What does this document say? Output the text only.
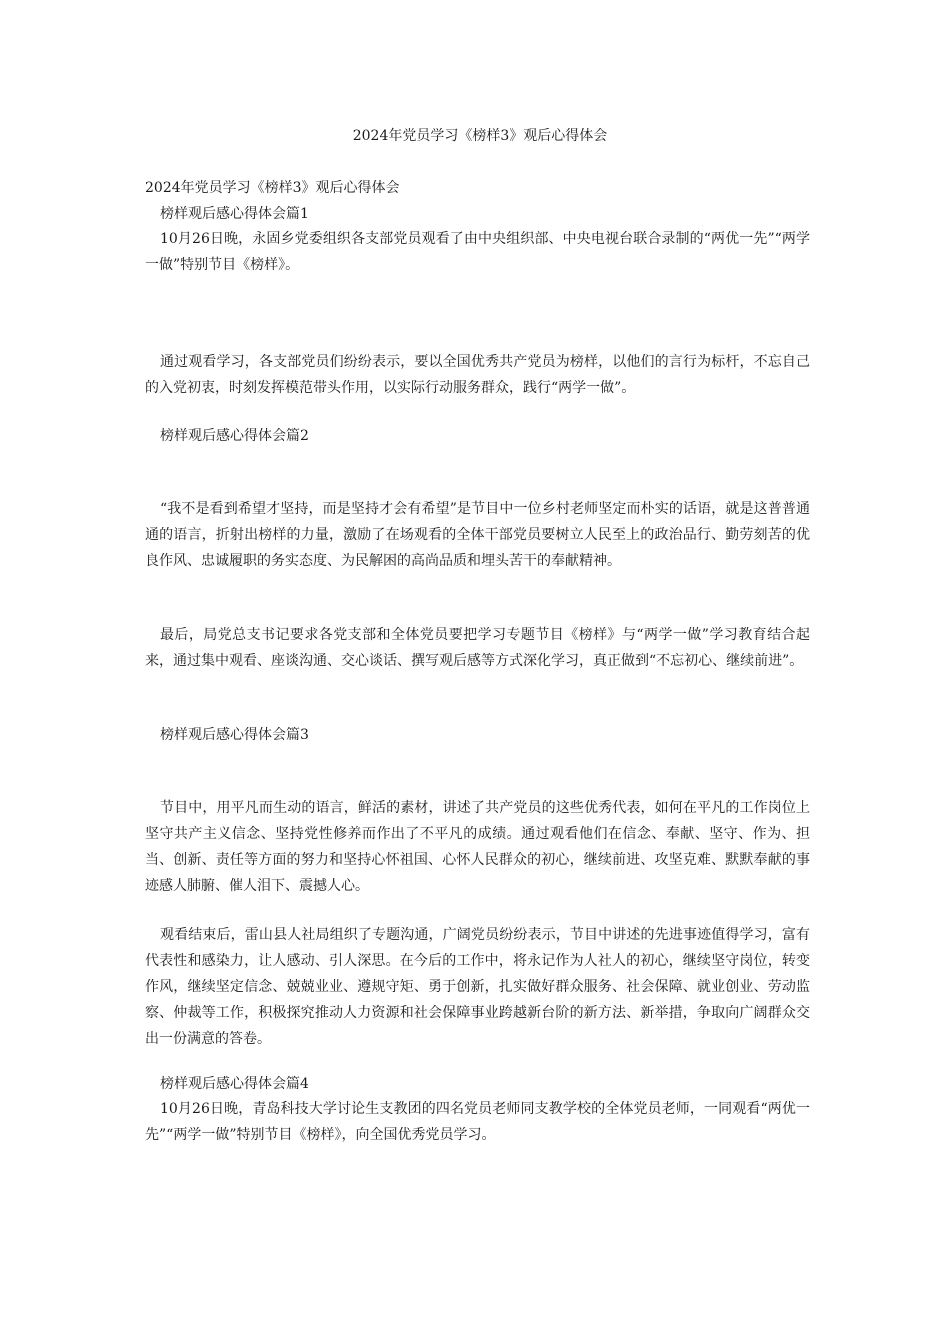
2024年党员学习《榜样3》观后心得体会
2024年党员学习《榜样3》观后心得体会
榜样观后感心得体会篇1
10月26日晚，永固乡党委组织各支部党员观看了由中央组织部、中央电视台联合录制的“两优一先”“两学一做”特别节目《榜样》。
通过观看学习，各支部党员们纷纷表示，要以全国优秀共产党员为榜样，以他们的言行为标杆，不忘自己的入党初衷，时刻发挥模范带头作用，以实际行动服务群众，践行“两学一做”。
榜样观后感心得体会篇2
“我不是看到希望才坚持，而是坚持才会有希望”是节目中一位乡村老师坚定而朴实的话语，就是这普普通通的语言，折射出榜样的力量，激励了在场观看的全体干部党员要树立人民至上的政治品行、勤劳刻苦的优良作风、忠诚履职的务实态度、为民解困的高尚品质和埋头苦干的奉献精神。
最后，局党总支书记要求各党支部和全体党员要把学习专题节目《榜样》与“两学一做”学习教育结合起来，通过集中观看、座谈沟通、交心谈话、撰写观后感等方式深化学习，真正做到“不忘初心、继续前进”。
榜样观后感心得体会篇3
节目中，用平凡而生动的语言，鲜活的素材，讲述了共产党员的这些优秀代表，如何在平凡的工作岗位上坚守共产主义信念、坚持党性修养而作出了不平凡的成绩。通过观看他们在信念、奉献、坚守、作为、担当、创新、责任等方面的努力和坚持心怀祖国、心怀人民群众的初心，继续前进、攻坚克难、默默奉献的事迹感人肺腑、催人泪下、震撼人心。
观看结束后，雷山县人社局组织了专题沟通，广阔党员纷纷表示，节目中讲述的先进事迹值得学习，富有代表性和感染力，让人感动、引人深思。在今后的工作中，将永记作为人社人的初心，继续坚守岗位，转变作风，继续坚定信念、兢兢业业、遵规守矩、勇于创新，扎实做好群众服务、社会保障、就业创业、劳动监察、仲裁等工作，积极探究推动人力资源和社会保障事业跨越新台阶的新方法、新举措，争取向广阔群众交出一份满意的答卷。
榜样观后感心得体会篇4
10月26日晚，青岛科技大学讨论生支教团的四名党员老师同支教学校的全体党员老师，一同观看“两优一先”“两学一做”特别节目《榜样》，向全国优秀党员学习。
